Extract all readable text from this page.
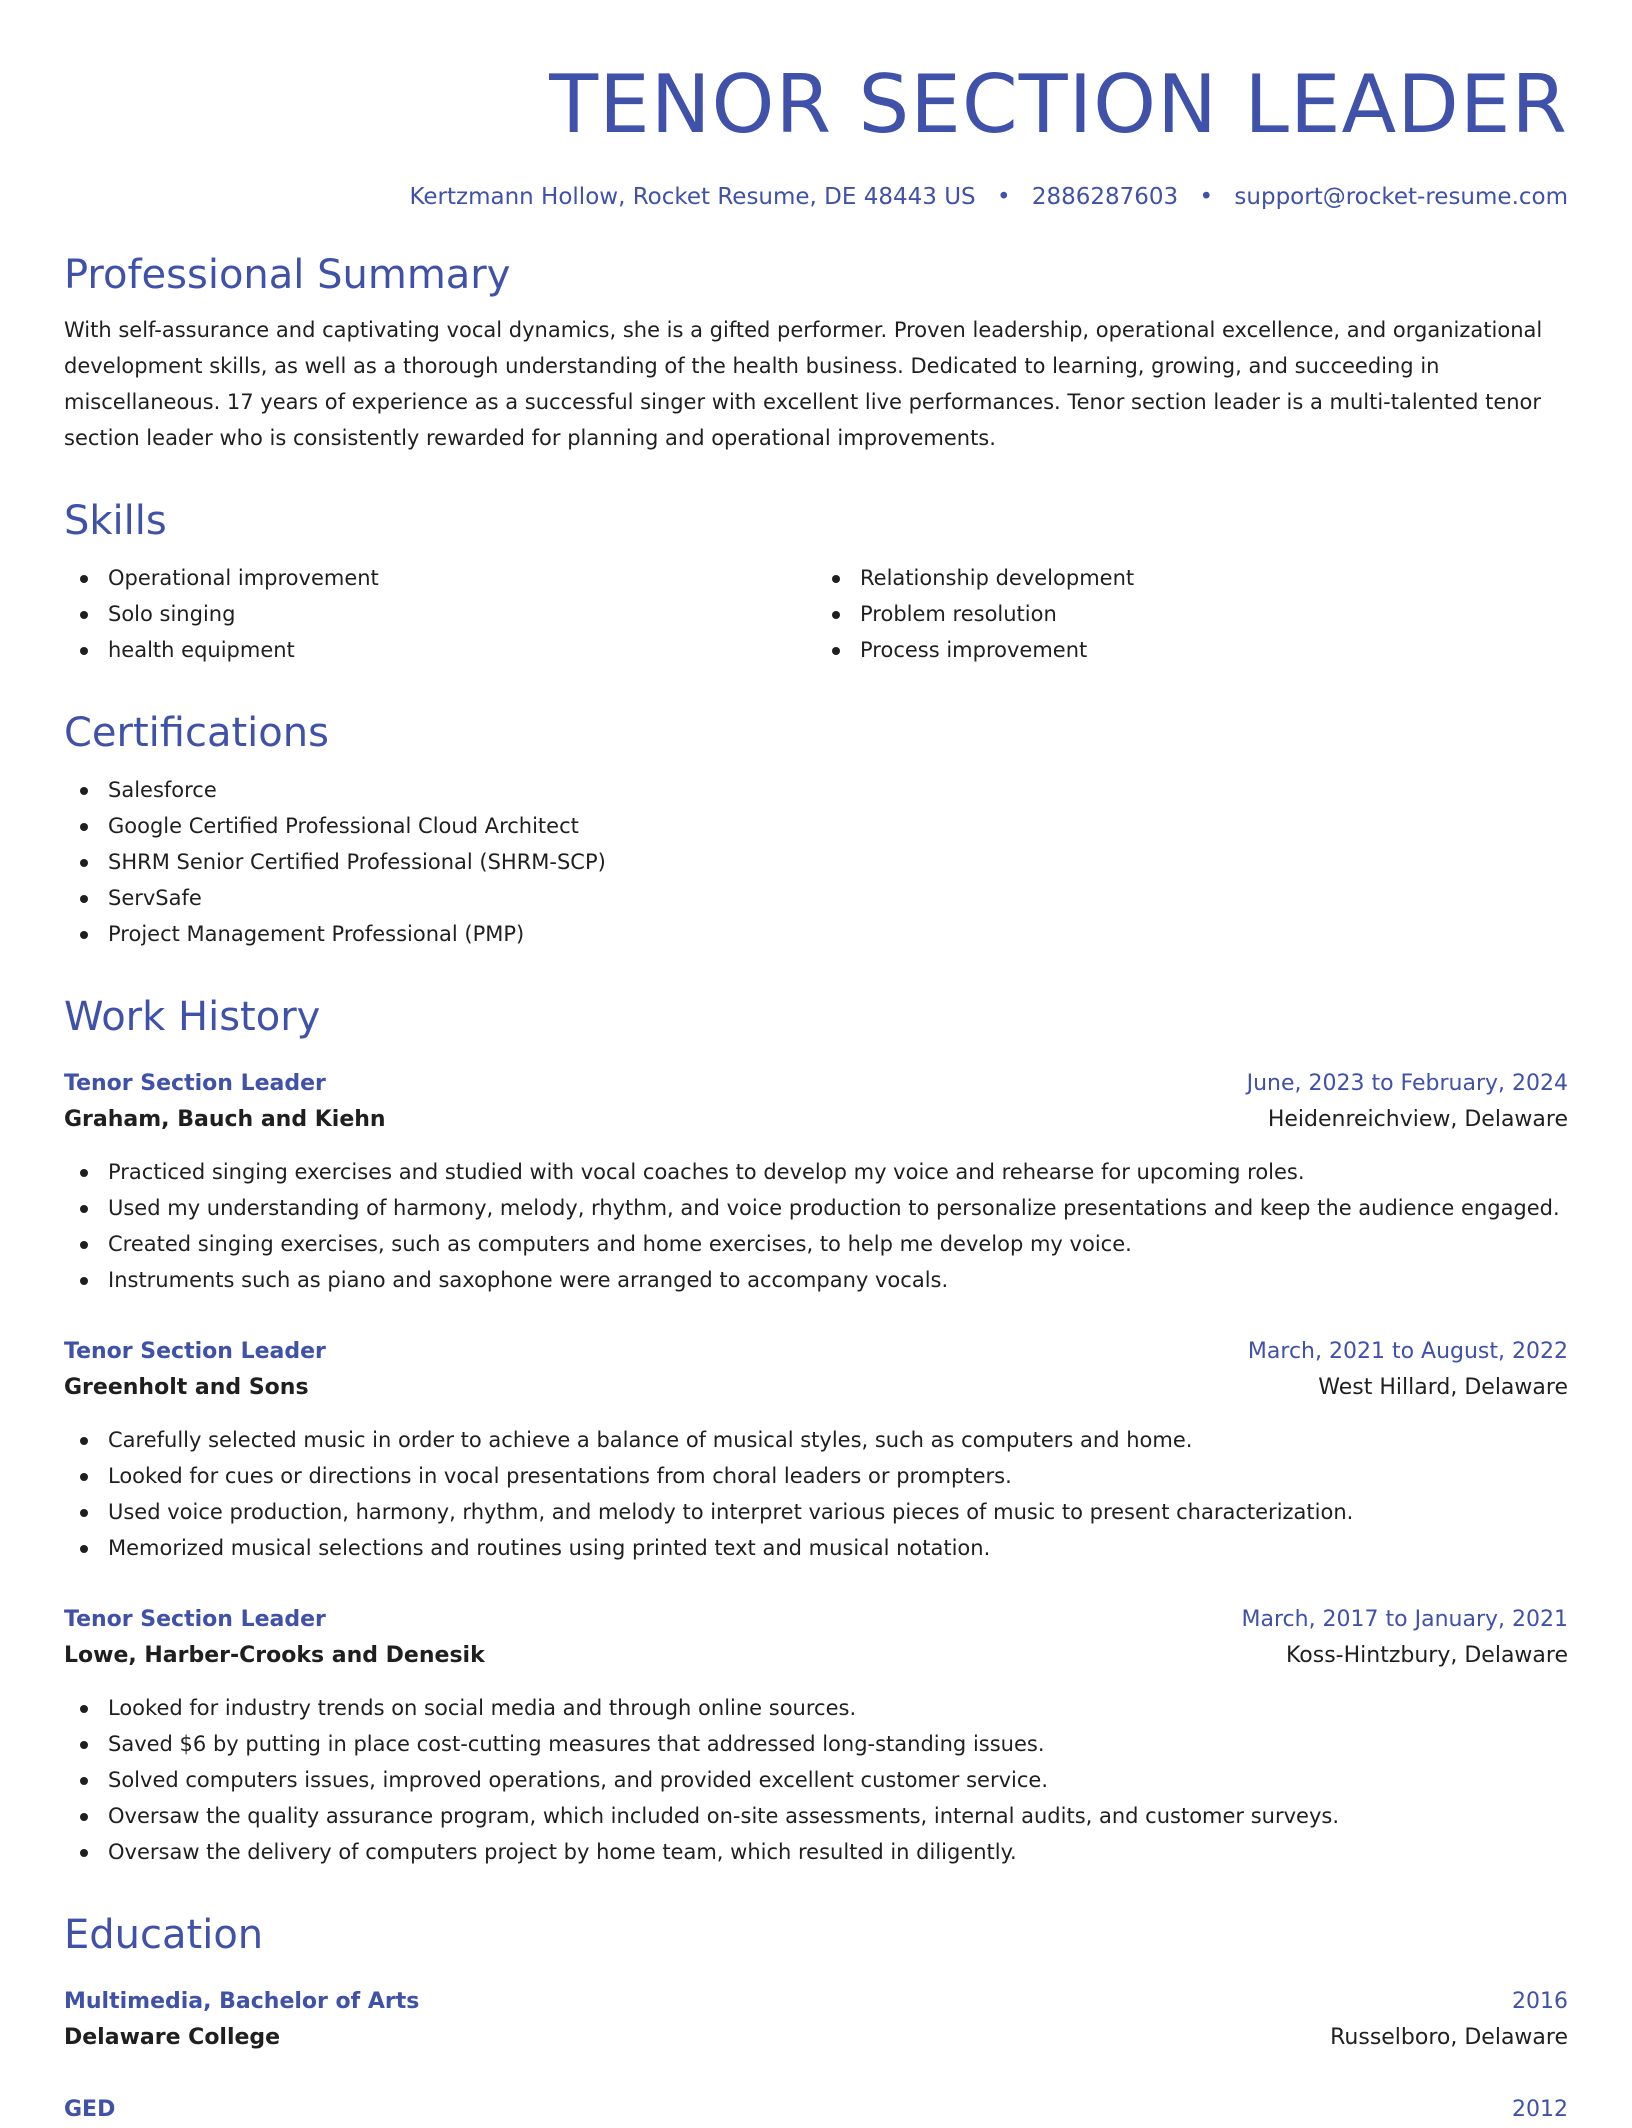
TENOR SECTION LEADER
Kertzmann Hollow, Rocket Resume, DE 48443 US • 2886287603 • support@rocket-resume.com
Professional Summary

With self-assurance and captivating vocal dynamics, she is a gifted performer. Proven leadership, operational excellence, and organizational development skills, as well as a thorough understanding of the health business. Dedicated to learning, growing, and succeeding in miscellaneous. 17 years of experience as a successful singer with excellent live performances. Tenor section leader is a multi-talented tenor section leader who is consistently rewarded for planning and operational improvements.

Skills
Operational improvement
Solo singing
health equipment
Relationship development
Problem resolution
Process improvement
Certifications
Salesforce
Google Certified Professional Cloud Architect
SHRM Senior Certified Professional (SHRM-SCP)
ServSafe
Project Management Professional (PMP)
Work History
Tenor Section Leader	June, 2023 to February, 2024
Graham, Bauch and Kiehn	Heidenreichview, Delaware
Practiced singing exercises and studied with vocal coaches to develop my voice and rehearse for upcoming roles.
Used my understanding of harmony, melody, rhythm, and voice production to personalize presentations and keep the audience engaged.
Created singing exercises, such as computers and home exercises, to help me develop my voice.
Instruments such as piano and saxophone were arranged to accompany vocals.
Tenor Section Leader	March, 2021 to August, 2022
Greenholt and Sons	West Hillard, Delaware
Carefully selected music in order to achieve a balance of musical styles, such as computers and home.
Looked for cues or directions in vocal presentations from choral leaders or prompters.
Used voice production, harmony, rhythm, and melody to interpret various pieces of music to present characterization.
Memorized musical selections and routines using printed text and musical notation.
Tenor Section Leader	March, 2017 to January, 2021
Lowe, Harber-Crooks and Denesik	Koss-Hintzbury, Delaware
Looked for industry trends on social media and through online sources.
Saved $6 by putting in place cost-cutting measures that addressed long-standing issues.
Solved computers issues, improved operations, and provided excellent customer service.
Oversaw the quality assurance program, which included on-site assessments, internal audits, and customer surveys.
Oversaw the delivery of computers project by home team, which resulted in diligently.
Education
Multimedia, Bachelor of Arts	2016
Delaware College	Russelboro, Delaware
GED	2012
